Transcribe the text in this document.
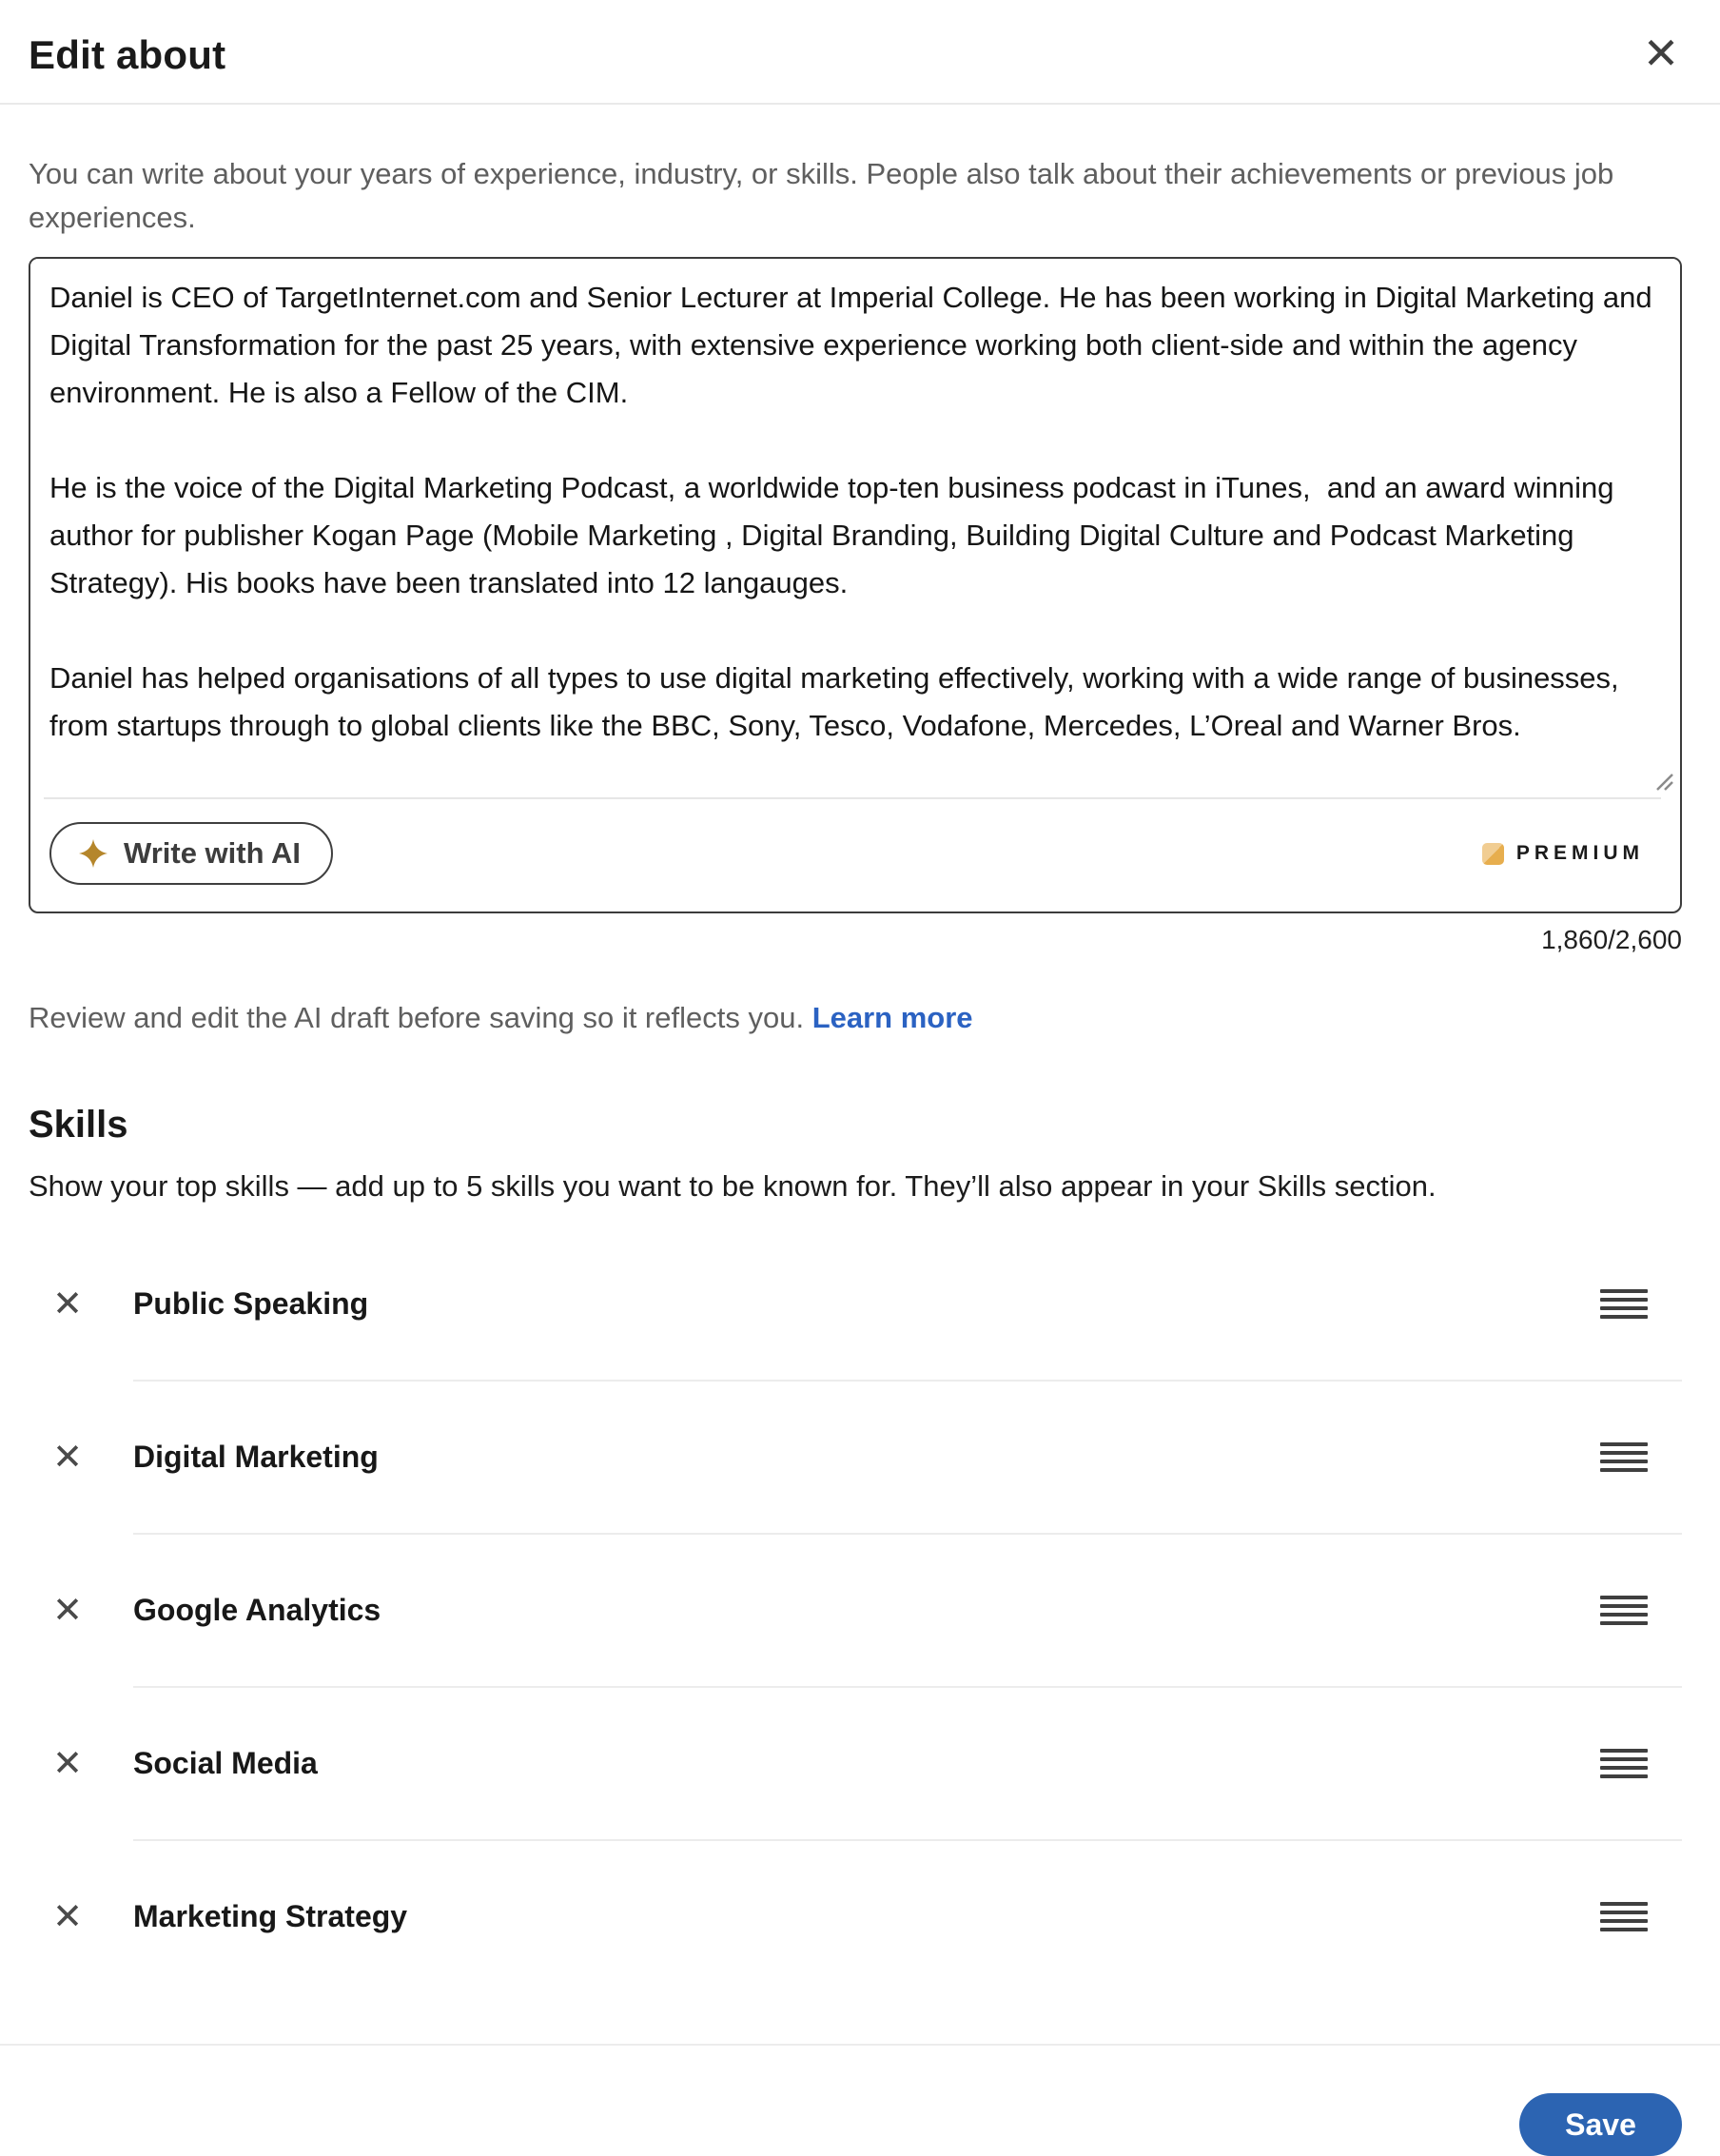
Edit about	✕

You can write about your years of experience, industry, or skills. People also talk about their achievements or previous job experiences.

Daniel is CEO of TargetInternet.com and Senior Lecturer at Imperial College. He has been working in Digital Marketing and Digital Transformation for the past 25 years, with extensive experience working both client-side and within the agency environment. He is also a Fellow of the CIM. He is the voice of the Digital Marketing Podcast, a worldwide top-ten business podcast in iTunes, and an award winning author for publisher Kogan Page (Mobile Marketing , Digital Branding, Building Digital Culture and Podcast Marketing Strategy). His books have been translated into 12 langauges. Daniel has helped organisations of all types to use digital marketing effectively, working with a wide range of businesses, from startups through to global clients like the BBC, Sony, Tesco, Vodafone, Mercedes, L’Oreal and Warner Bros.
Write with AI	PREMIUM
1,860/2,600

Review and edit the AI draft before saving so it reflects you. Learn more

Skills

Show your top skills — add up to 5 skills you want to be known for. They’ll also appear in your Skills section.

✕ Public Speaking
✕ Digital Marketing
✕ Google Analytics
✕ Social Media
✕ Marketing Strategy
Save
